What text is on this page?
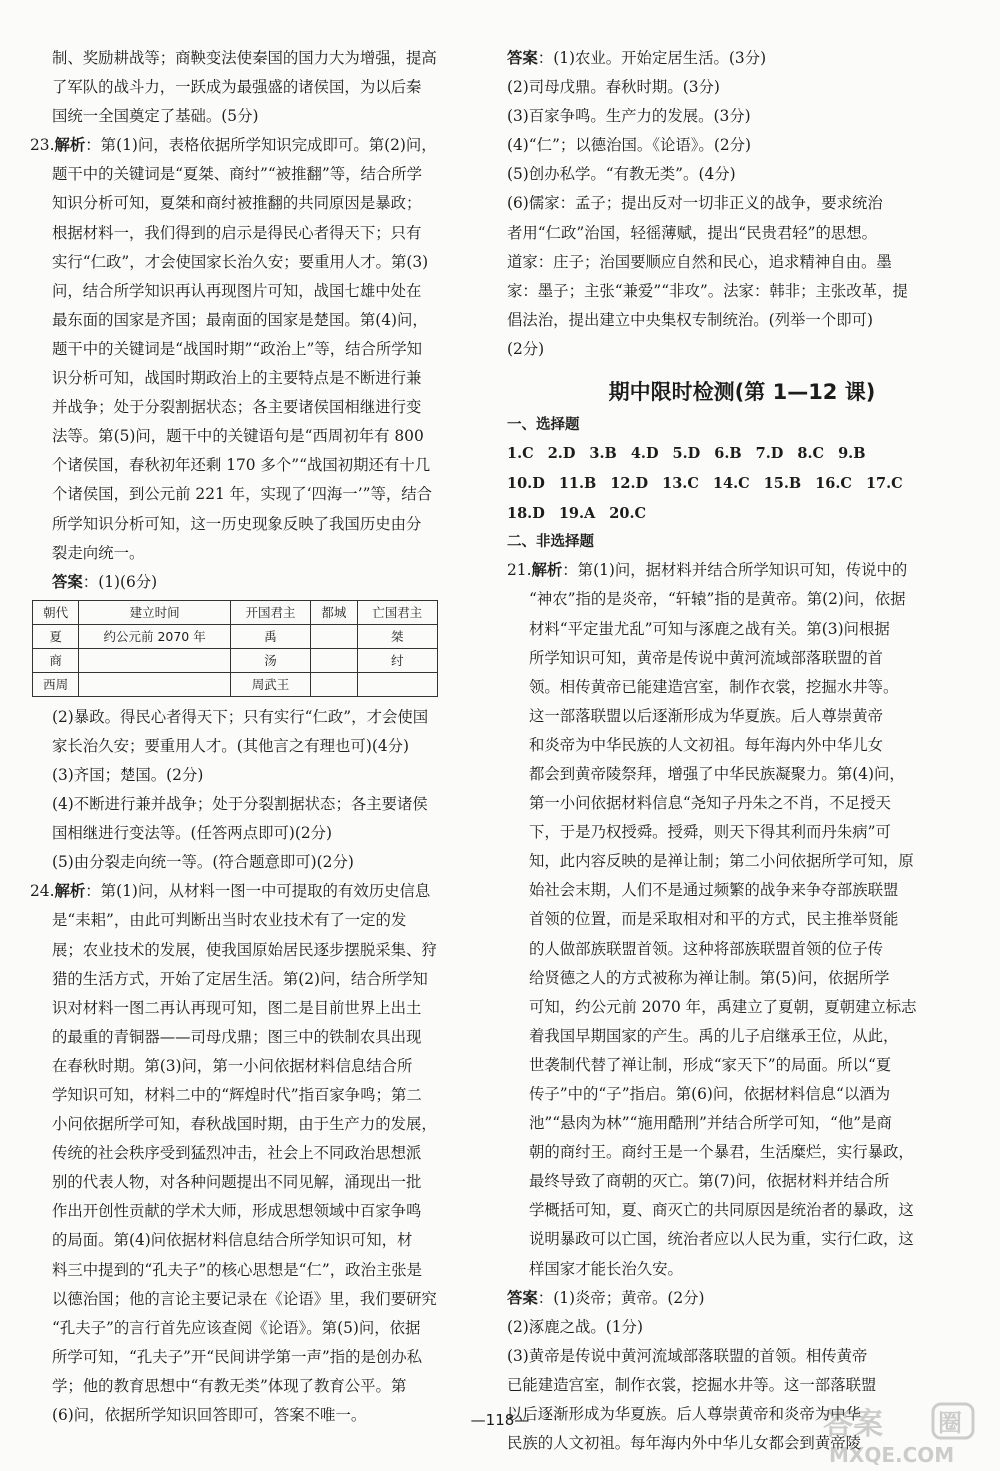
制、奖励耕战等；商鞅变法使秦国的国力大为增强，提高

了军队的战斗力，一跃成为最强盛的诸侯国，为以后秦

国统一全国奠定了基础。(5分)

23.解析：第(1)问，表格依据所学知识完成即可。第(2)问，

题干中的关键词是“夏桀、商纣”“被推翻”等，结合所学

知识分析可知，夏桀和商纣被推翻的共同原因是暴政；

根据材料一，我们得到的启示是得民心者得天下；只有

实行“仁政”，才会使国家长治久安；要重用人才。第(3)

问，结合所学知识再认再现图片可知，战国七雄中处在

最东面的国家是齐国；最南面的国家是楚国。第(4)问，

题干中的关键词是“战国时期”“政治上”等，结合所学知

识分析可知，战国时期政治上的主要特点是不断进行兼

并战争；处于分裂割据状态；各主要诸侯国相继进行变

法等。第(5)问，题干中的关键语句是“西周初年有 800

个诸侯国，春秋初年还剩 170 多个”“战国初期还有十几

个诸侯国，到公元前 221 年，实现了‘四海一’”等，结合

所学知识分析可知，这一历史现象反映了我国历史由分

裂走向统一。

答案：(1)(6分)

朝代	建立时间	开国君主	都城	亡国君主
夏	约公元前 2070 年	禹		桀
商		汤		纣
西周		周武王		

(2)暴政。得民心者得天下；只有实行“仁政”，才会使国

家长治久安；要重用人才。(其他言之有理也可)(4分)

(3)齐国；楚国。(2分)

(4)不断进行兼并战争；处于分裂割据状态；各主要诸侯

国相继进行变法等。(任答两点即可)(2分)

(5)由分裂走向统一等。(符合题意即可)(2分)

24.解析：第(1)问，从材料一图一中可提取的有效历史信息

是“耒耜”，由此可判断出当时农业技术有了一定的发

展；农业技术的发展，使我国原始居民逐步摆脱采集、狩

猎的生活方式，开始了定居生活。第(2)问，结合所学知

识对材料一图二再认再现可知，图二是目前世界上出土

的最重的青铜器——司母戊鼎；图三中的铁制农具出现

在春秋时期。第(3)问，第一小问依据材料信息结合所

学知识可知，材料二中的“辉煌时代”指百家争鸣；第二

小问依据所学可知，春秋战国时期，由于生产力的发展，

传统的社会秩序受到猛烈冲击，社会上不同政治思想派

别的代表人物，对各种问题提出不同见解，涌现出一批

作出开创性贡献的学术大师，形成思想领域中百家争鸣

的局面。第(4)问依据材料信息结合所学知识可知，材

料三中提到的“孔夫子”的核心思想是“仁”，政治主张是

以德治国；他的言论主要记录在《论语》里，我们要研究

“孔夫子”的言行首先应该查阅《论语》。第(5)问，依据

所学可知，“孔夫子”开“民间讲学第一声”指的是创办私

学；他的教育思想中“有教无类”体现了教育公平。第

(6)问，依据所学知识回答即可，答案不唯一。

答案：(1)农业。开始定居生活。(3分)

(2)司母戊鼎。春秋时期。(3分)

(3)百家争鸣。生产力的发展。(3分)

(4)“仁”；以德治国。《论语》。(2分)

(5)创办私学。“有教无类”。(4分)

(6)儒家：孟子；提出反对一切非正义的战争，要求统治

者用“仁政”治国，轻徭薄赋，提出“民贵君轻”的思想。

道家：庄子；治国要顺应自然和民心，追求精神自由。墨

家：墨子；主张“兼爱”“非攻”。法家：韩非；主张改革，提

倡法治，提出建立中央集权专制统治。(列举一个即可)

(2分)

期中限时检测(第 1—12 课)

一、选择题

1.C 2.D 3.B 4.D 5.D 6.B 7.D 8.C 9.B

10.D 11.B 12.D 13.C 14.C 15.B 16.C 17.C

18.D 19.A 20.C

二、非选择题

21.解析：第(1)问，据材料并结合所学知识可知，传说中的

“神农”指的是炎帝，“轩辕”指的是黄帝。第(2)问，依据

材料“平定蚩尤乱”可知与涿鹿之战有关。第(3)问根据

所学知识可知，黄帝是传说中黄河流域部落联盟的首

领。相传黄帝已能建造宫室，制作衣裳，挖掘水井等。

这一部落联盟以后逐渐形成为华夏族。后人尊崇黄帝

和炎帝为中华民族的人文初祖。每年海内外中华儿女

都会到黄帝陵祭拜，增强了中华民族凝聚力。第(4)问，

第一小问依据材料信息“尧知子丹朱之不肖，不足授天

下，于是乃权授舜。授舜，则天下得其利而丹朱病”可

知，此内容反映的是禅让制；第二小问依据所学可知，原

始社会末期，人们不是通过频繁的战争来争夺部族联盟

首领的位置，而是采取相对和平的方式，民主推举贤能

的人做部族联盟首领。这种将部族联盟首领的位子传

给贤德之人的方式被称为禅让制。第(5)问，依据所学

可知，约公元前 2070 年，禹建立了夏朝，夏朝建立标志

着我国早期国家的产生。禹的儿子启继承王位，从此，

世袭制代替了禅让制，形成“家天下”的局面。所以“夏

传子”中的“子”指启。第(6)问，依据材料信息“以酒为

池”“悬肉为林”“施用酷刑”并结合所学可知，“他”是商

朝的商纣王。商纣王是一个暴君，生活糜烂，实行暴政，

最终导致了商朝的灭亡。第(7)问，依据材料并结合所

学概括可知，夏、商灭亡的共同原因是统治者的暴政，这

说明暴政可以亡国，统治者应以人民为重，实行仁政，这

样国家才能长治久安。

答案：(1)炎帝；黄帝。(2分)

(2)涿鹿之战。(1分)

(3)黄帝是传说中黄河流域部落联盟的首领。相传黄帝

已能建造宫室，制作衣裳，挖掘水井等。这一部落联盟

以后逐渐形成为华夏族。后人尊崇黄帝和炎帝为中华

民族的人文初祖。每年海内外中华儿女都会到黄帝陵

—118—	答案 圈
MXQE.COM
